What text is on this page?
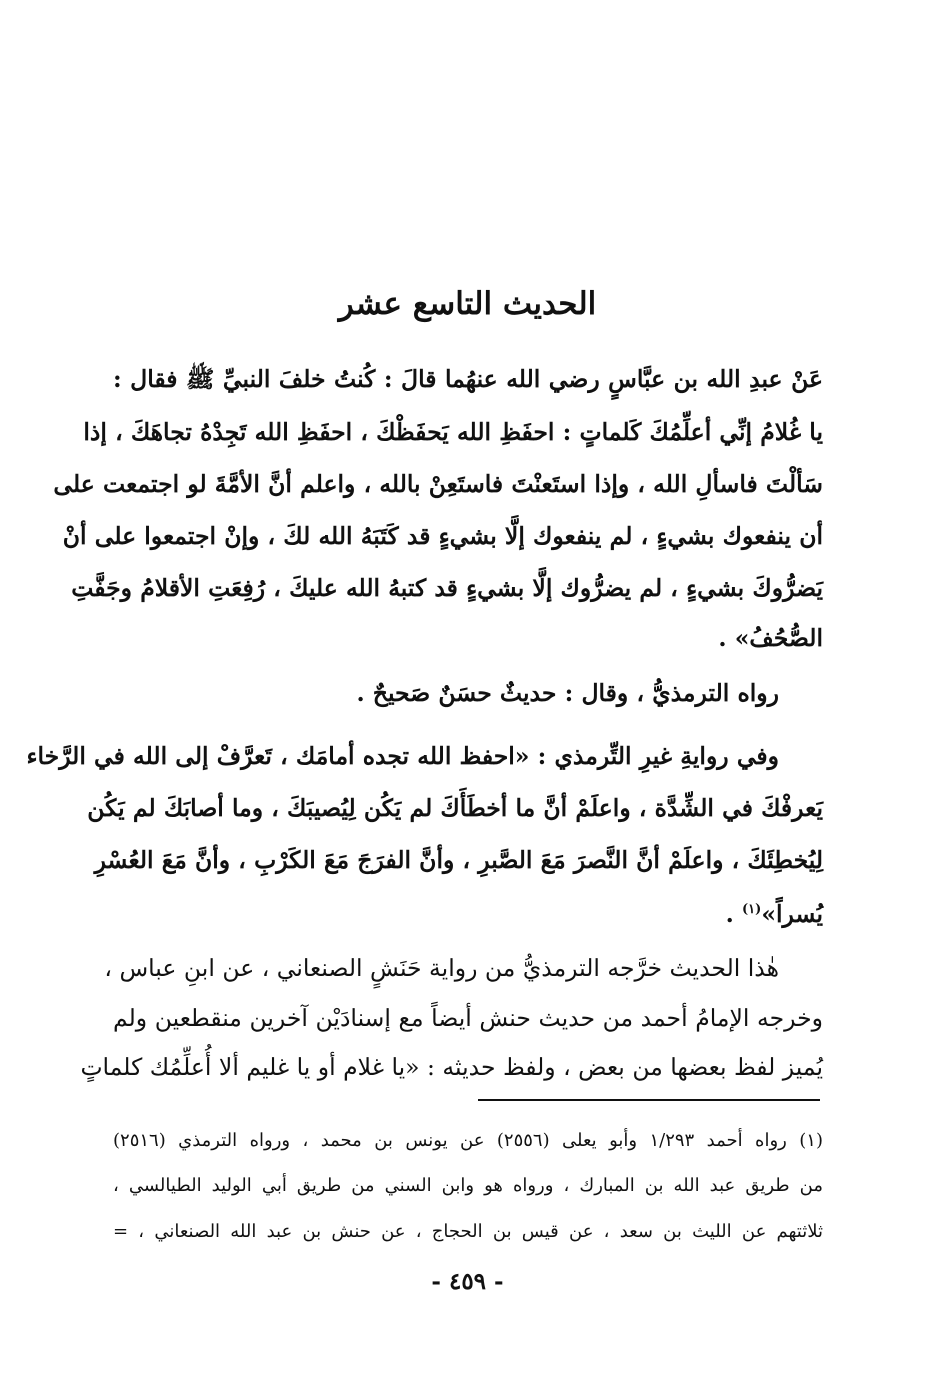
الحديث التاسع عشر
عَنْ عبدِ الله بن عبَّاسٍ رضي الله عنهُما قالَ : كُنتُ خلفَ النبيِّ ﷺ فقال :
يا غُلامُ إنِّي أعلِّمُكَ كَلماتٍ : احفَظِ الله يَحفَظْكَ ، احفَظِ الله تَجِدْهُ تجاهَكَ ، إذا
سَألْتَ فاسألِ الله ، وإذا استَعنْتَ فاستَعِنْ بالله ، واعلم أنَّ الأمَّةَ لو اجتمعت على
أن ينفعوك بشيءٍ ، لم ينفعوك إلَّا بشيءٍ قد كَتَبَهُ الله لكَ ، وإنْ اجتمعوا على أنْ
يَضرُّوكَ بشيءٍ ، لم يضرُّوك إلَّا بشيءٍ قد كتبهُ الله عليكَ ، رُفِعَتِ الأقلامُ وجَفَّتِ
الصُّحُفُ» .
رواه الترمذيُّ ، وقال : حديثٌ حسَنٌ صَحيحٌ .
وفي روايةِ غيرِ التِّرمذي : «احفظ الله تجده أمامَك ، تَعرَّفْ إلى الله في الرَّخاء
يَعرفْكَ في الشِّدَّة ، واعلَمْ أنَّ ما أخطَأَكَ لم يَكُن لِيُصيبَكَ ، وما أصابَكَ لم يَكُن
لِيُخطِئَكَ ، واعلَمْ أنَّ النَّصرَ مَعَ الصَّبرِ ، وأنَّ الفرَجَ مَعَ الكَرْبِ ، وأنَّ مَعَ العُسْرِ
يُسراً»$^{(١)}$ .
هٰذا الحديث خرَّجه الترمذيُّ من رواية حَنَشٍ الصنعاني ، عن ابنِ عباس ،
وخرجه الإمامُ أحمد من حديث حنش أيضاً مع إسنادَيْن آخرين منقطعين ولم
يُميز لفظ بعضها من بعض ، ولفظ حديثه : «يا غلام أو يا غليم ألا أُعلِّمُك كلماتٍ
(١) رواه أحمد ١/٢٩٣ وأبو يعلى (٢٥٥٦) عن يونس بن محمد ، ورواه الترمذي (٢٥١٦)
من طريق عبد الله بن المبارك ، ورواه هو وابن السني من طريق أبي الوليد الطيالسي ،
ثلاثتهم عن الليث بن سعد ، عن قيس بن الحجاج ، عن حنش بن عبد الله الصنعاني ، =
- ٤٥٩ -
